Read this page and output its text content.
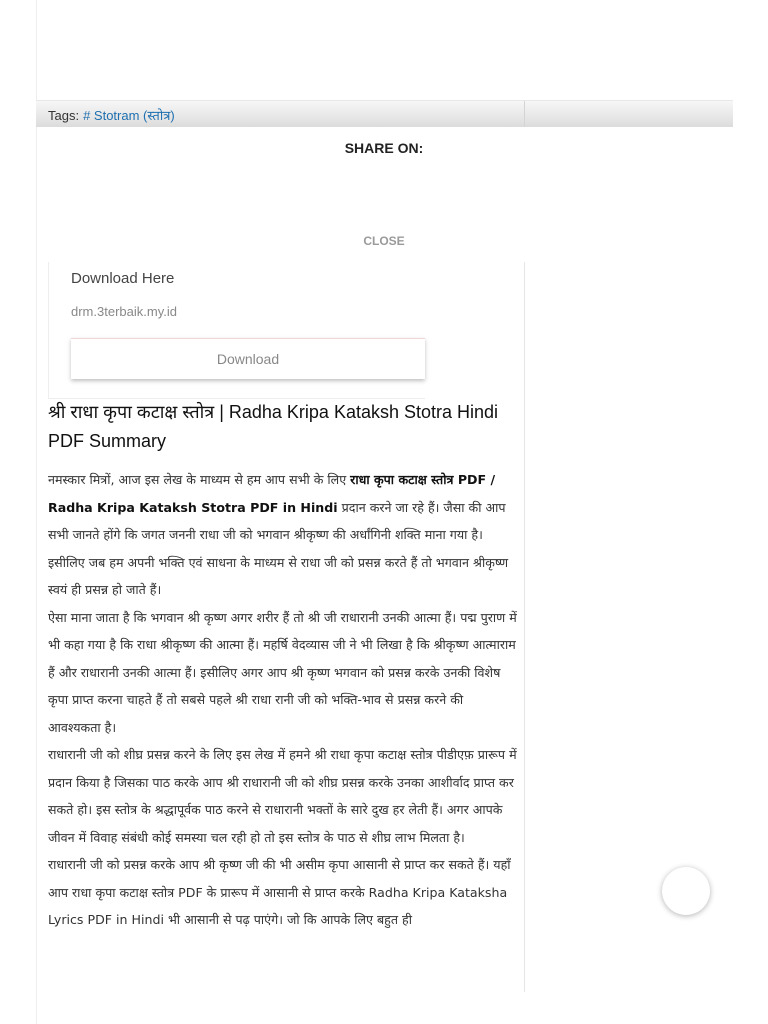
Tags: # Stotram (स्तोत्र)
SHARE ON:
CLOSE
Download Here
drm.3terbaik.my.id
Download
श्री राधा कृपा कटाक्ष स्तोत्र | Radha Kripa Kataksh Stotra Hindi PDF Summary

नमस्कार मित्रों, आज इस लेख के माध्यम से हम आप सभी के लिए राधा कृपा कटाक्ष स्तोत्र PDF / Radha Kripa Kataksh Stotra PDF in Hindi प्रदान करने जा रहे हैं। जैसा की आप सभी जानते होंगे कि जगत जननी राधा जी को भगवान श्रीकृष्ण की अर्धांगिनी शक्ति माना गया है। इसीलिए जब हम अपनी भक्ति एवं साधना के माध्यम से राधा जी को प्रसन्न करते हैं तो भगवान श्रीकृष्ण स्वयं ही प्रसन्न हो जाते हैं।

ऐसा माना जाता है कि भगवान श्री कृष्ण अगर शरीर हैं तो श्री जी राधारानी उनकी आत्मा हैं। पद्म पुराण में भी कहा गया है कि राधा श्रीकृष्ण की आत्मा हैं। महर्षि वेदव्यास जी ने भी लिखा है कि श्रीकृष्ण आत्माराम हैं और राधारानी उनकी आत्मा हैं। इसीलिए अगर आप श्री कृष्ण भगवान को प्रसन्न करके उनकी विशेष कृपा प्राप्त करना चाहते हैं तो सबसे पहले श्री राधा रानी जी को भक्ति-भाव से प्रसन्न करने की आवश्यकता है।

राधारानी जी को शीघ्र प्रसन्न करने के लिए इस लेख में हमने श्री राधा कृपा कटाक्ष स्तोत्र पीडीएफ़ प्रारूप में प्रदान किया है जिसका पाठ करके आप श्री राधारानी जी को शीघ्र प्रसन्न करके उनका आशीर्वाद प्राप्त कर सकते हो। इस स्तोत्र के श्रद्धापूर्वक पाठ करने से राधारानी भक्तों के सारे दुख हर लेती हैं। अगर आपके जीवन में विवाह संबंधी कोई समस्या चल रही हो तो इस स्तोत्र के पाठ से शीघ्र लाभ मिलता है।

राधारानी जी को प्रसन्न करके आप श्री कृष्ण जी की भी असीम कृपा आसानी से प्राप्त कर सकते हैं। यहाँ आप राधा कृपा कटाक्ष स्तोत्र PDF के प्रारूप में आसानी से प्राप्त करके Radha Kripa Kataksha Lyrics PDF in Hindi भी आसानी से पढ़ पाएंगे। जो कि आपके लिए बहुत ही
